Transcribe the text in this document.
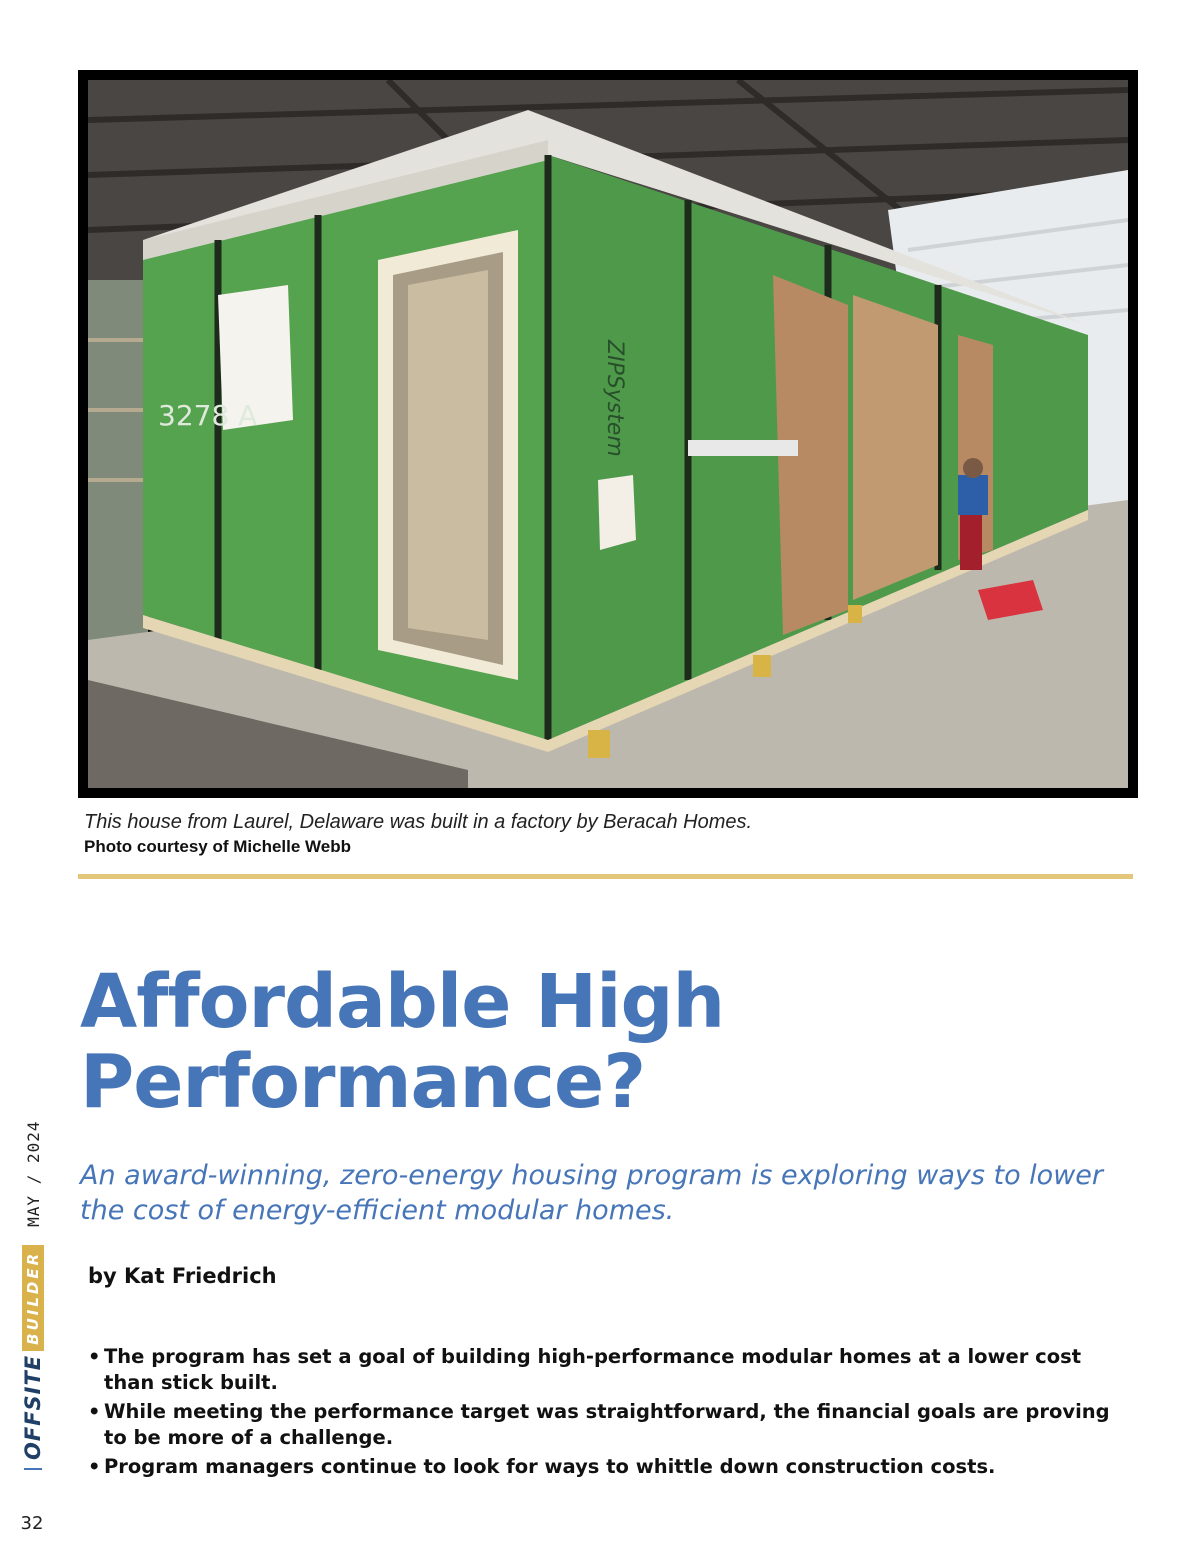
3278 A	ZIPSystem
This house from Laurel, Delaware was built in a factory by Beracah Homes.
Photo courtesy of Michelle Webb
Affordable High
Performance?

An award-winning, zero-energy housing program is exploring ways to lower
the cost of energy-efficient modular homes.

by Kat Friedrich

• The program has set a goal of building high-performance modular homes at a lower cost than stick built.
• While meeting the performance target was straightforward, the financial goals are proving to be more of a challenge.
• Program managers continue to look for ways to whittle down construction costs.
OFFSITE
BUILDER
MAY / 2024
32
